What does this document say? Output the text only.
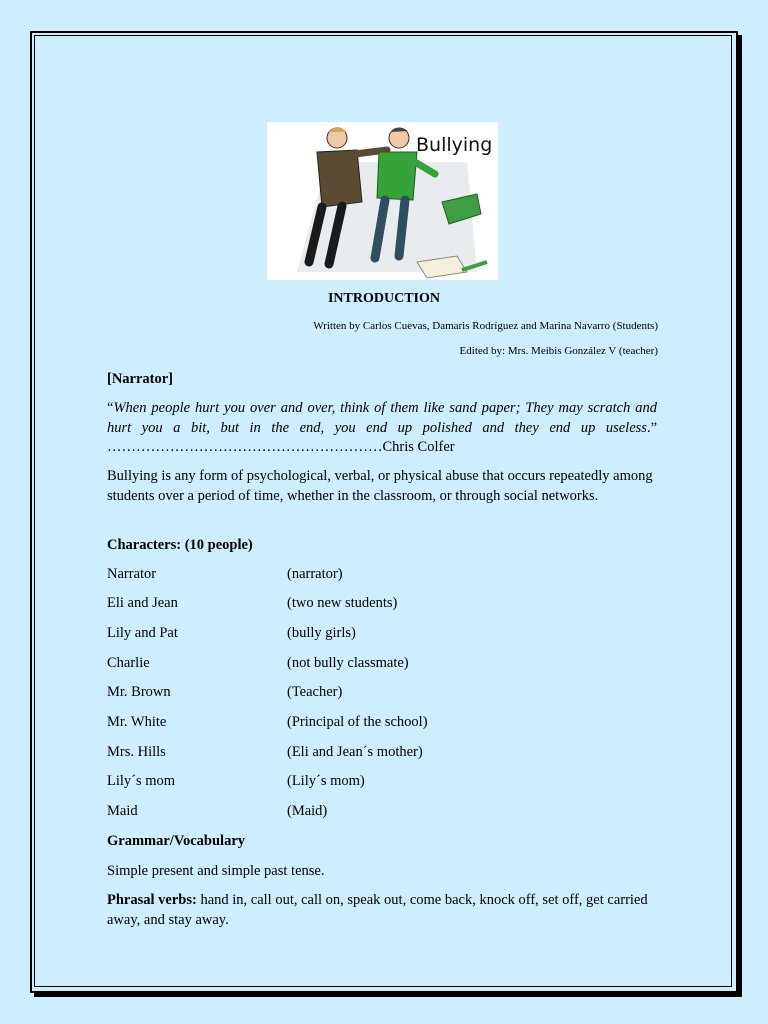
Bullying
INTRODUCTION
Written by Carlos Cuevas, Damaris Rodríguez and Marina Navarro (Students)
Edited by: Mrs. Meibis González V (teacher)
[Narrator]
“When people hurt you over and over, think of them like sand paper; They may scratch and hurt you a bit, but in the end, you end up polished and they end up useless.” …………………………………………………Chris Colfer
Bullying is any form of psychological, verbal, or physical abuse that occurs repeatedly among students over a period of time, whether in the classroom, or through social networks.
Characters: (10 people)
Narrator	(narrator)
Eli and Jean	(two new students)
Lily and Pat	(bully girls)
Charlie	(not bully classmate)
Mr. Brown	(Teacher)
Mr. White	(Principal of the school)
Mrs. Hills	(Eli and Jean´s mother)
Lily´s mom	(Lily´s mom)
Maid	(Maid)
Grammar/Vocabulary
Simple present and simple past tense.
Phrasal verbs: hand in, call out, call on, speak out, come back, knock off, set off, get carried away, and stay away.
